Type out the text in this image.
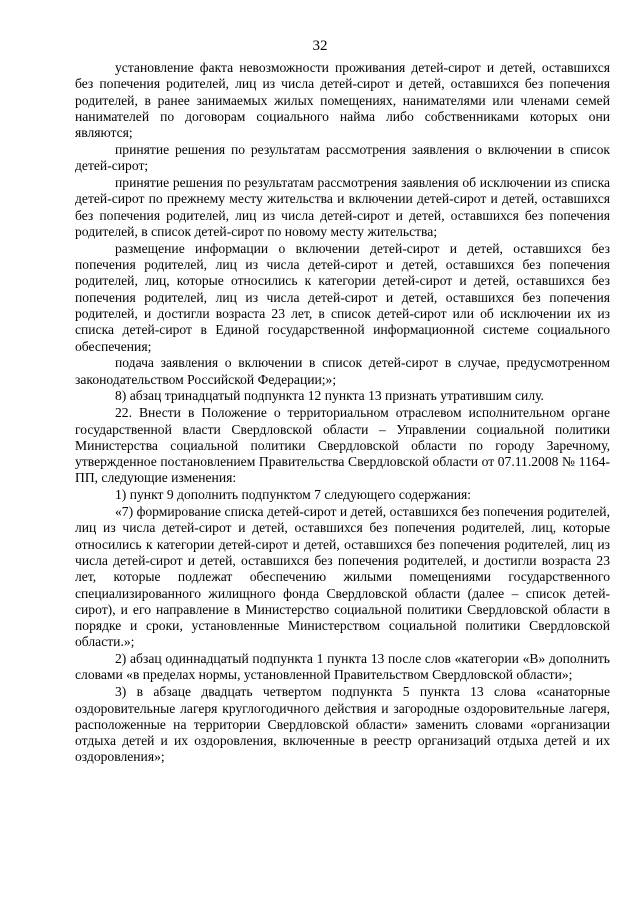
32

установление факта невозможности проживания детей-сирот и детей, оставшихся без попечения родителей, лиц из числа детей-сирот и детей, оставшихся без попечения родителей, в ранее занимаемых жилых помещениях, нанимателями или членами семей нанимателей по договорам социального найма либо собственниками которых они являются;

принятие решения по результатам рассмотрения заявления о включении в список детей-сирот;

принятие решения по результатам рассмотрения заявления об исключении из списка детей-сирот по прежнему месту жительства и включении детей-сирот и детей, оставшихся без попечения родителей, лиц из числа детей-сирот и детей, оставшихся без попечения родителей, в список детей-сирот по новому месту жительства;

размещение информации о включении детей-сирот и детей, оставшихся без попечения родителей, лиц из числа детей-сирот и детей, оставшихся без попечения родителей, лиц, которые относились к категории детей-сирот и детей, оставшихся без попечения родителей, лиц из числа детей-сирот и детей, оставшихся без попечения родителей, и достигли возраста 23 лет, в список детей-сирот или об исключении их из списка детей-сирот в Единой государственной информационной системе социального обеспечения;

подача заявления о включении в список детей-сирот в случае, предусмотренном законодательством Российской Федерации;»;

8) абзац тринадцатый подпункта 12 пункта 13 признать утратившим силу.

22. Внести в Положение о территориальном отраслевом исполнительном органе государственной власти Свердловской области – Управлении социальной политики Министерства социальной политики Свердловской области по городу Заречному, утвержденное постановлением Правительства Свердловской области от 07.11.2008 № 1164-ПП, следующие изменения:

1) пункт 9 дополнить подпунктом 7 следующего содержания:

«7) формирование списка детей-сирот и детей, оставшихся без попечения родителей, лиц из числа детей-сирот и детей, оставшихся без попечения родителей, лиц, которые относились к категории детей-сирот и детей, оставшихся без попечения родителей, лиц из числа детей-сирот и детей, оставшихся без попечения родителей, и достигли возраста 23 лет, которые подлежат обеспечению жилыми помещениями государственного специализированного жилищного фонда Свердловской области (далее – список детей-сирот), и его направление в Министерство социальной политики Свердловской области в порядке и сроки, установленные Министерством социальной политики Свердловской области.»;

2) абзац одиннадцатый подпункта 1 пункта 13 после слов «категории «В» дополнить словами «в пределах нормы, установленной Правительством Свердловской области»;

3) в абзаце двадцать четвертом подпункта 5 пункта 13 слова «санаторные оздоровительные лагеря круглогодичного действия и загородные оздоровительные лагеря, расположенные на территории Свердловской области» заменить словами «организации отдыха детей и их оздоровления, включенные в реестр организаций отдыха детей и их оздоровления»;
